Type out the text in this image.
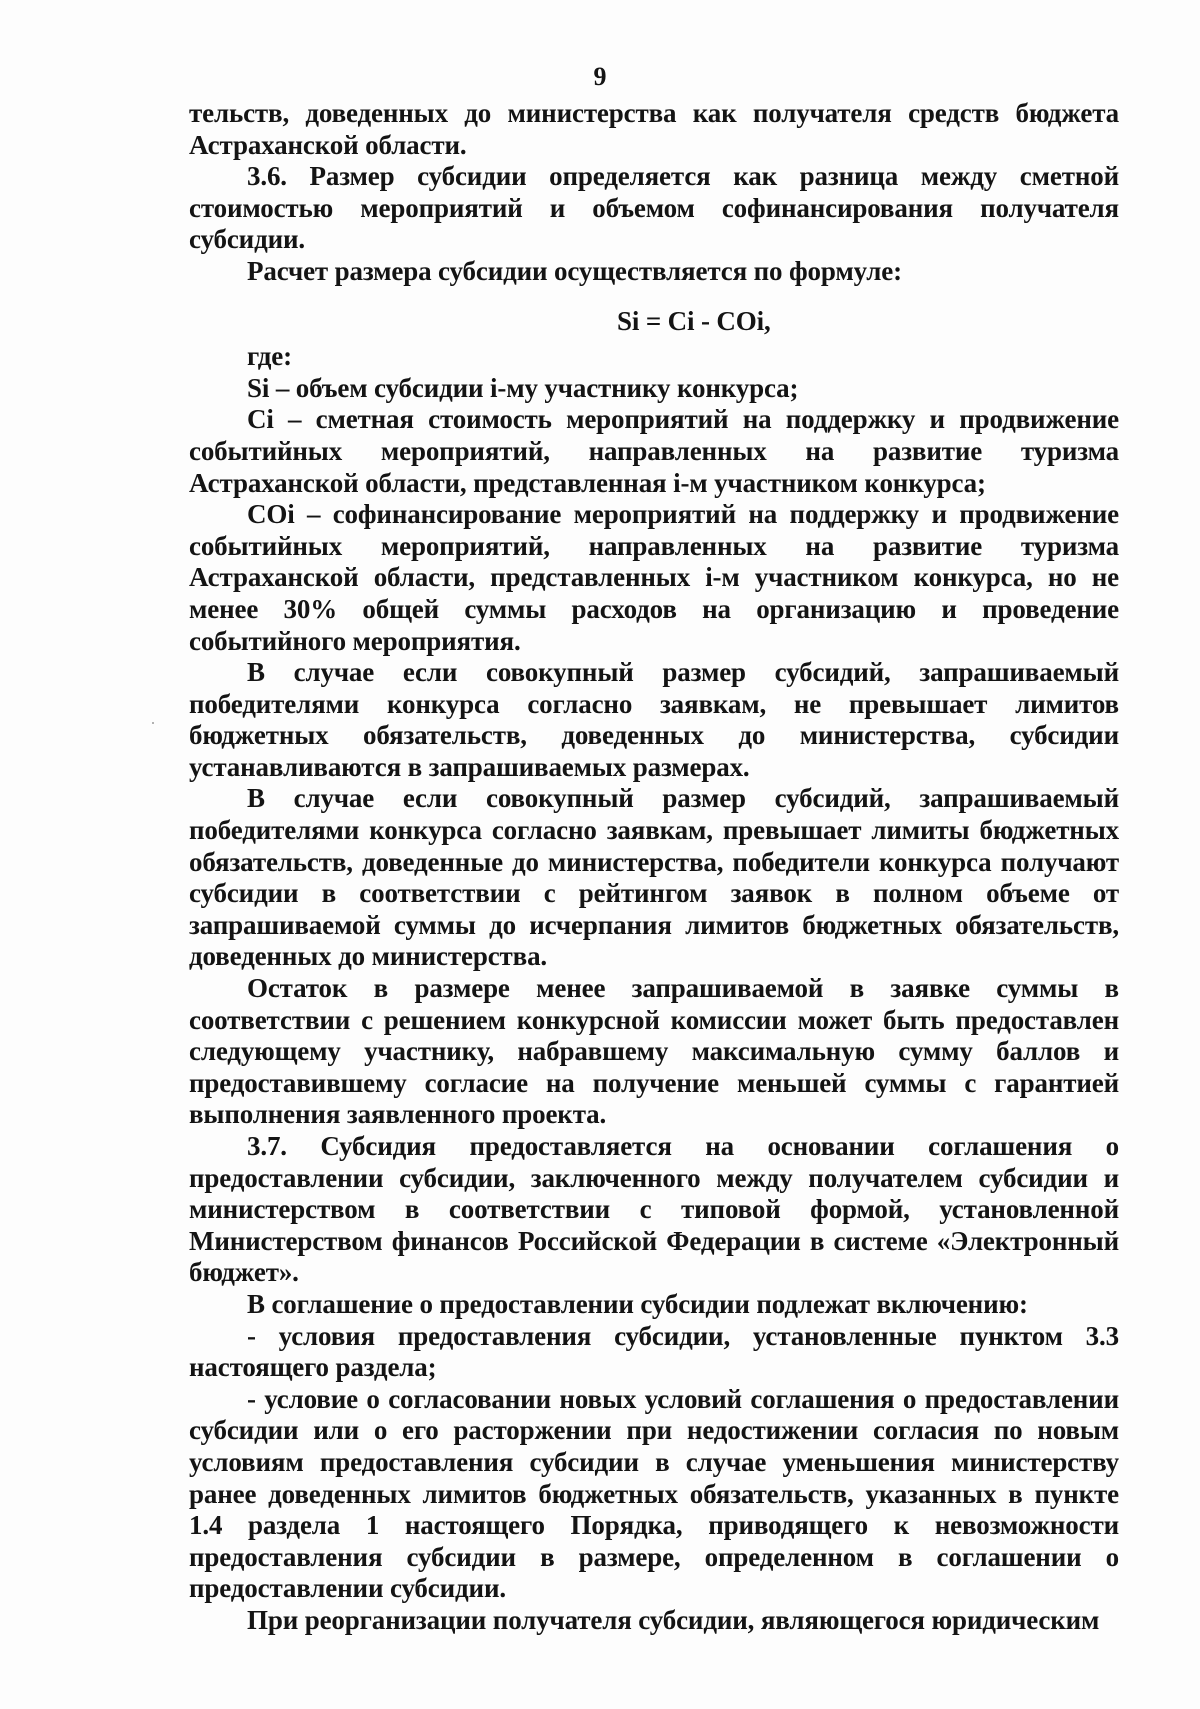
9

тельств, доведенных до министерства как получателя средств бюджета Астраханской области.

3.6. Размер субсидии определяется как разница между сметной стоимостью мероприятий и объемом софинансирования получателя субсидии.

Расчет размера субсидии осуществляется по формуле:

Si = Ci - COi,

где:

Si – объем субсидии i-му участнику конкурса;

Ci – сметная стоимость мероприятий на поддержку и продвижение событийных мероприятий, направленных на развитие туризма Астраханской области, представленная i-м участником конкурса;

COi – софинансирование мероприятий на поддержку и продвижение событийных мероприятий, направленных на развитие туризма Астраханской области, представленных i-м участником конкурса, но не менее 30% общей суммы расходов на организацию и проведение событийного мероприятия.

В случае если совокупный размер субсидий, запрашиваемый победителями конкурса согласно заявкам, не превышает лимитов бюджетных обязательств, доведенных до министерства, субсидии устанавливаются в запрашиваемых размерах.

В случае если совокупный размер субсидий, запрашиваемый победителями конкурса согласно заявкам, превышает лимиты бюджетных обязательств, доведенные до министерства, победители конкурса получают субсидии в соответствии с рейтингом заявок в полном объеме от запрашиваемой суммы до исчерпания лимитов бюджетных обязательств, доведенных до министерства.

Остаток в размере менее запрашиваемой в заявке суммы в соответствии с решением конкурсной комиссии может быть предоставлен следующему участнику, набравшему максимальную сумму баллов и предоставившему согласие на получение меньшей суммы с гарантией выполнения заявленного проекта.

3.7. Субсидия предоставляется на основании соглашения о предоставлении субсидии, заключенного между получателем субсидии и министерством в соответствии с типовой формой, установленной Министерством финансов Российской Федерации в системе «Электронный бюджет».

В соглашение о предоставлении субсидии подлежат включению:

- условия предоставления субсидии, установленные пунктом 3.3 настоящего раздела;

- условие о согласовании новых условий соглашения о предоставлении субсидии или о его расторжении при недостижении согласия по новым условиям предоставления субсидии в случае уменьшения министерству ранее доведенных лимитов бюджетных обязательств, указанных в пункте 1.4 раздела 1 настоящего Порядка, приводящего к невозможности предоставления субсидии в размере, определенном в соглашении о предоставлении субсидии.

При реорганизации получателя субсидии, являющегося юридическим
